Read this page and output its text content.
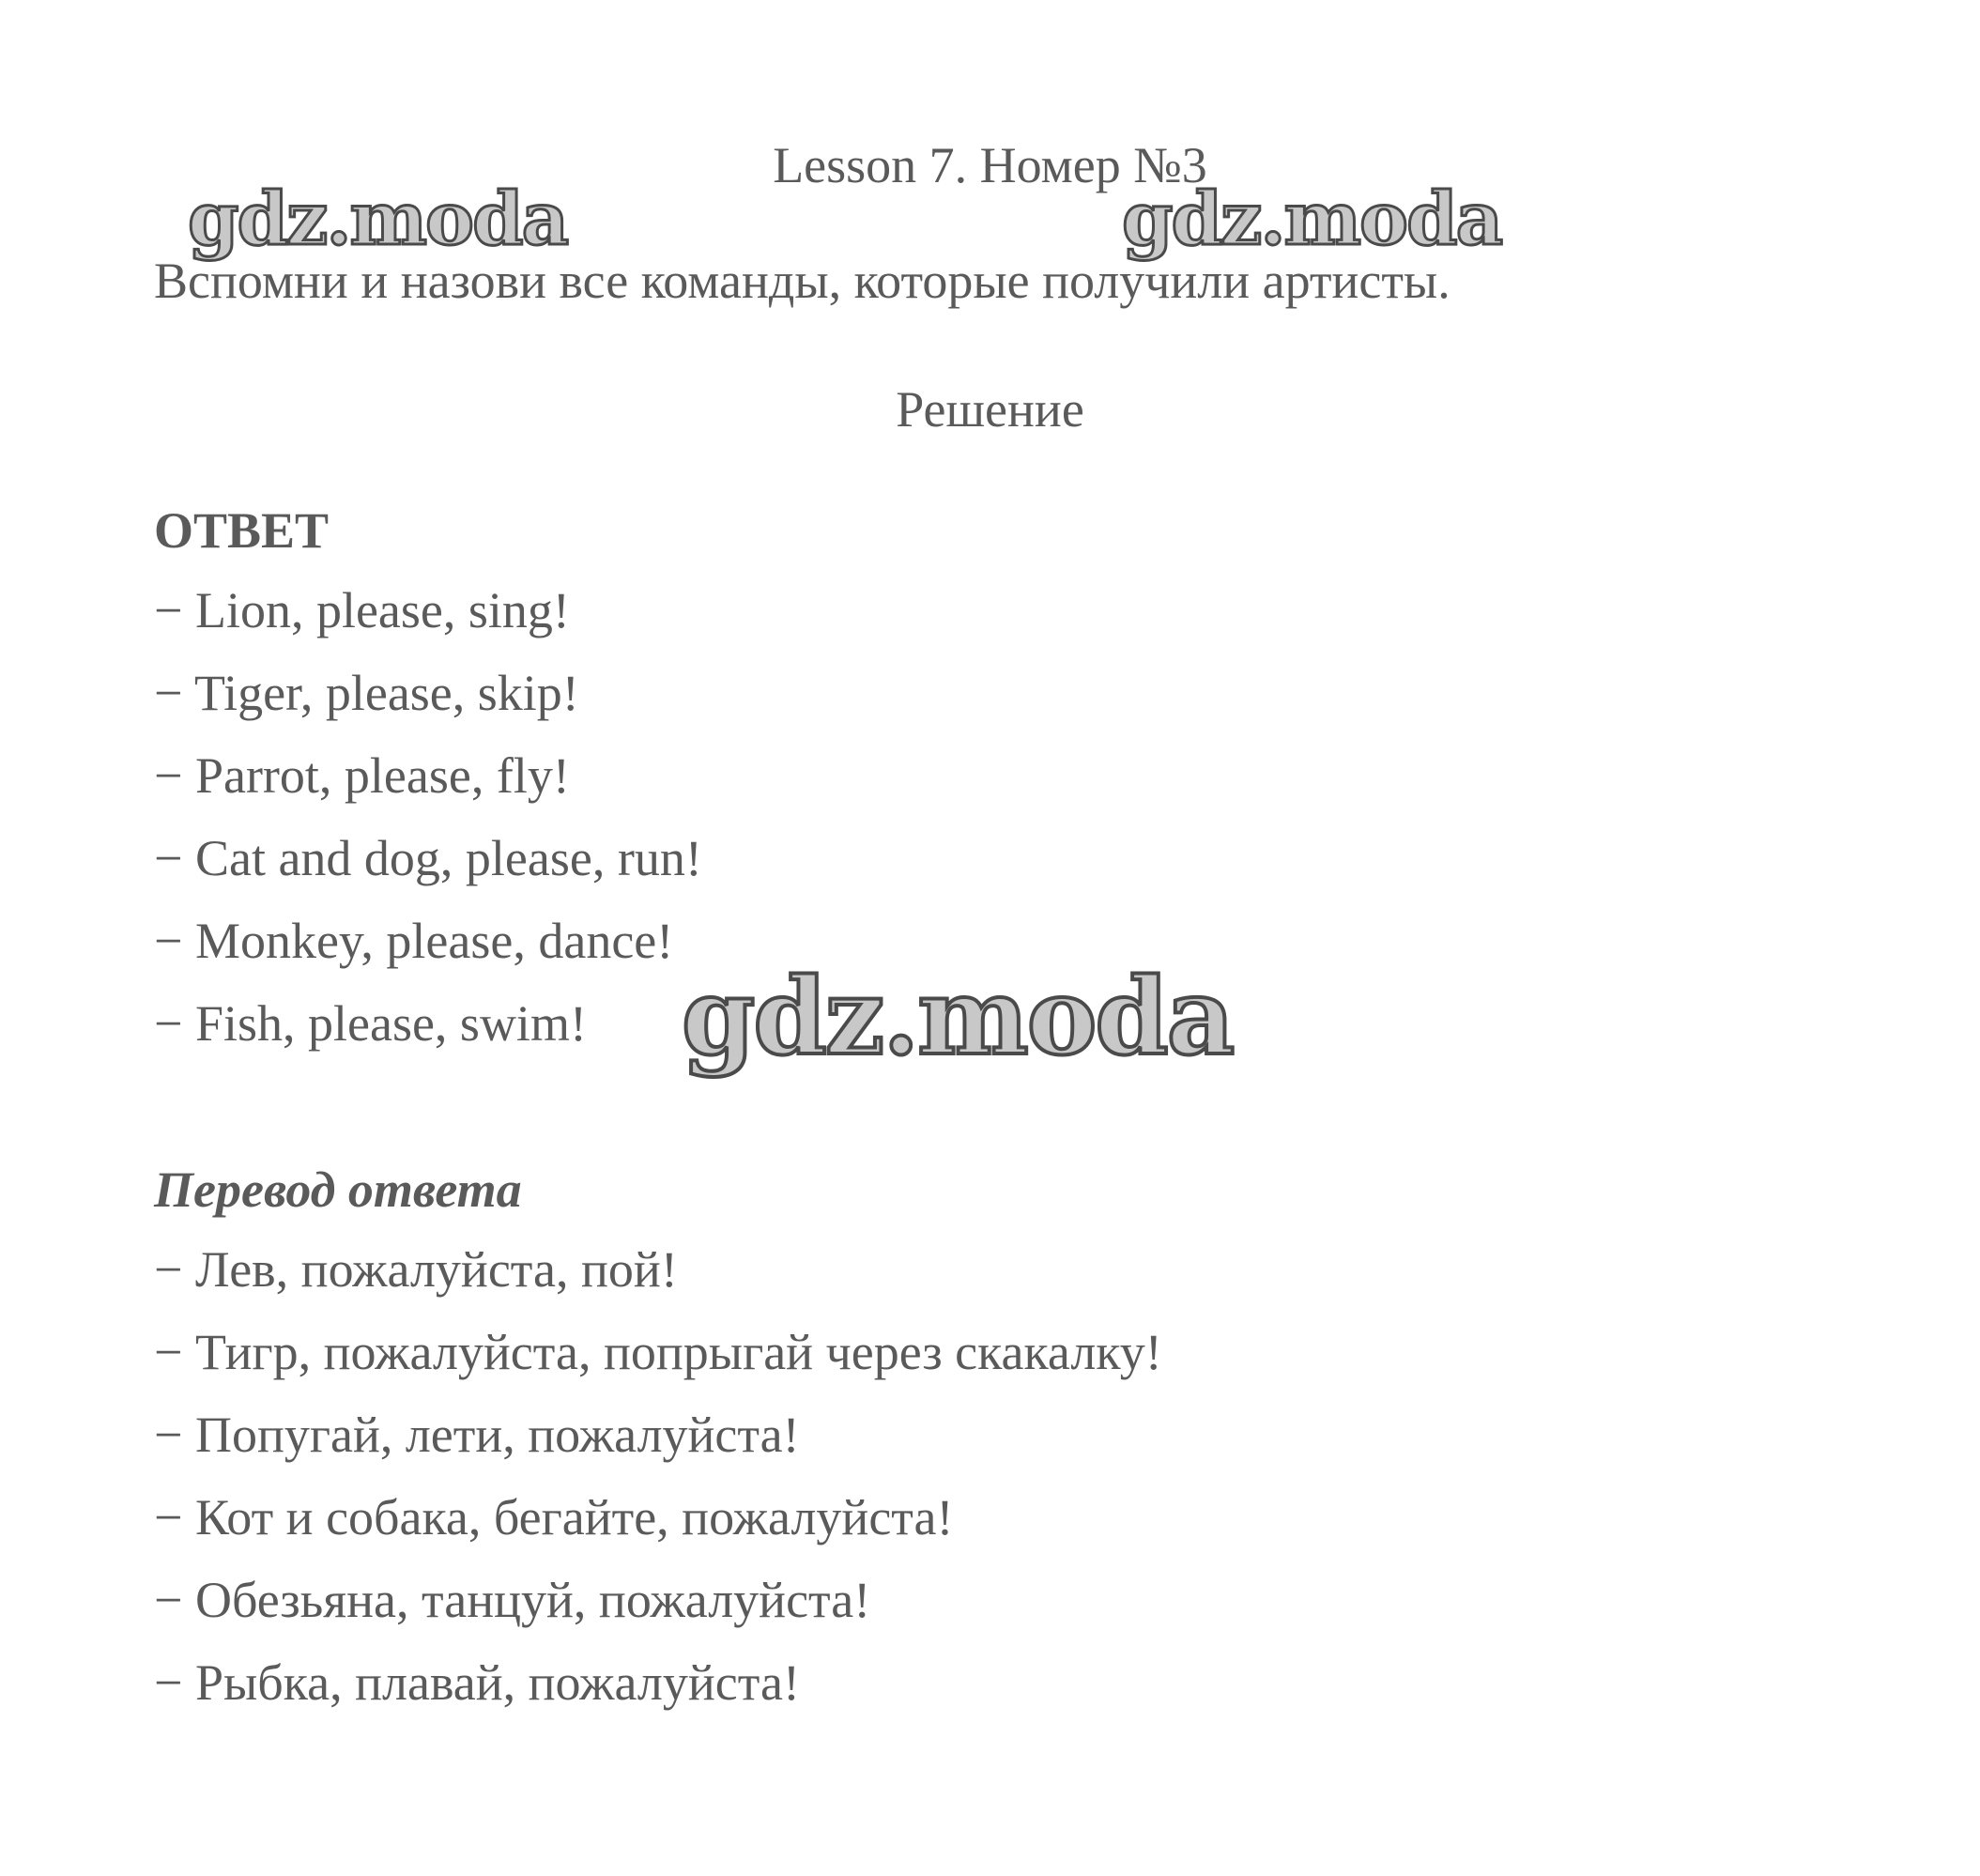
Lesson 7. Номер №3
Вспомни и назови все команды, которые получили артисты.
Решение
ОТВЕТ
− Lion, please, sing!
− Tiger, please, skip!
− Parrot, please, fly!
− Cat and dog, please, run!
− Monkey, please, dance!
− Fish, please, swim!
Перевод ответа
− Лев, пожалуйста, пой!
− Тигр, пожалуйста, попрыгай через скакалку!
− Попугай, лети, пожалуйста!
− Кот и собака, бегайте, пожалуйста!
− Обезьяна, танцуй, пожалуйста!
− Рыбка, плавай, пожалуйста!
gdz.moda	gdz.moda
gdz.moda
